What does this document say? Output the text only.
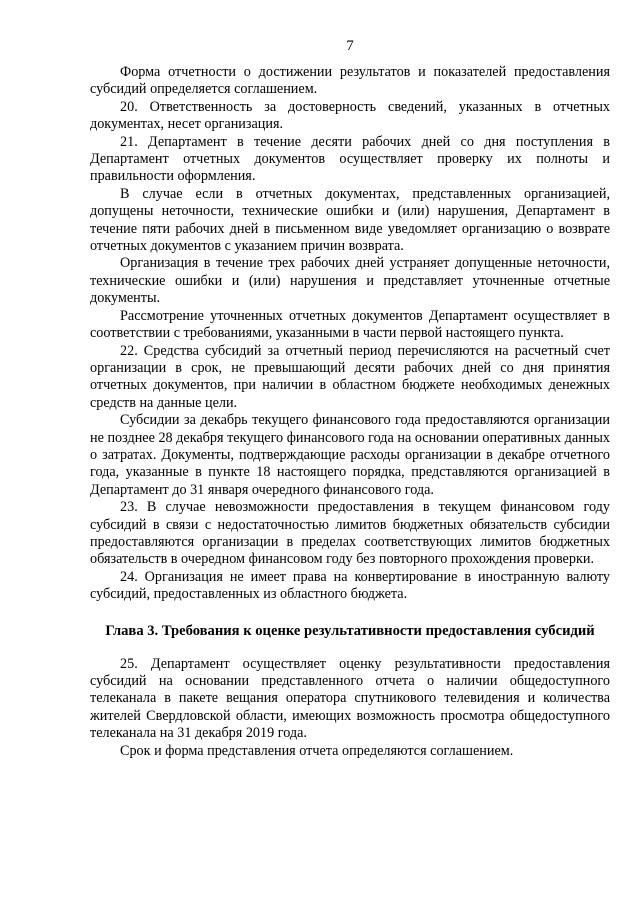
7

Форма отчетности о достижении результатов и показателей предоставления субсидий определяется соглашением.

20. Ответственность за достоверность сведений, указанных в отчетных документах, несет организация.

21. Департамент в течение десяти рабочих дней со дня поступления в Департамент отчетных документов осуществляет проверку их полноты и правильности оформления.

В случае если в отчетных документах, представленных организацией, допущены неточности, технические ошибки и (или) нарушения, Департамент в течение пяти рабочих дней в письменном виде уведомляет организацию о возврате отчетных документов с указанием причин возврата.

Организация в течение трех рабочих дней устраняет допущенные неточности, технические ошибки и (или) нарушения и представляет уточненные отчетные документы.

Рассмотрение уточненных отчетных документов Департамент осуществляет в соответствии с требованиями, указанными в части первой настоящего пункта.

22. Средства субсидий за отчетный период перечисляются на расчетный счет организации в срок, не превышающий десяти рабочих дней со дня принятия отчетных документов, при наличии в областном бюджете необходимых денежных средств на данные цели.

Субсидии за декабрь текущего финансового года предоставляются организации не позднее 28 декабря текущего финансового года на основании оперативных данных о затратах. Документы, подтверждающие расходы организации в декабре отчетного года, указанные в пункте 18 настоящего порядка, представляются организацией в Департамент до 31 января очередного финансового года.

23. В случае невозможности предоставления в текущем финансовом году субсидий в связи с недостаточностью лимитов бюджетных обязательств субсидии предоставляются организации в пределах соответствующих лимитов бюджетных обязательств в очередном финансовом году без повторного прохождения проверки.

24. Организация не имеет права на конвертирование в иностранную валюту субсидий, предоставленных из областного бюджета.

Глава 3. Требования к оценке результативности предоставления субсидий

25. Департамент осуществляет оценку результативности предоставления субсидий на основании представленного отчета о наличии общедоступного телеканала в пакете вещания оператора спутникового телевидения и количества жителей Свердловской области, имеющих возможность просмотра общедоступного телеканала на 31 декабря 2019 года.

Срок и форма представления отчета определяются соглашением.
